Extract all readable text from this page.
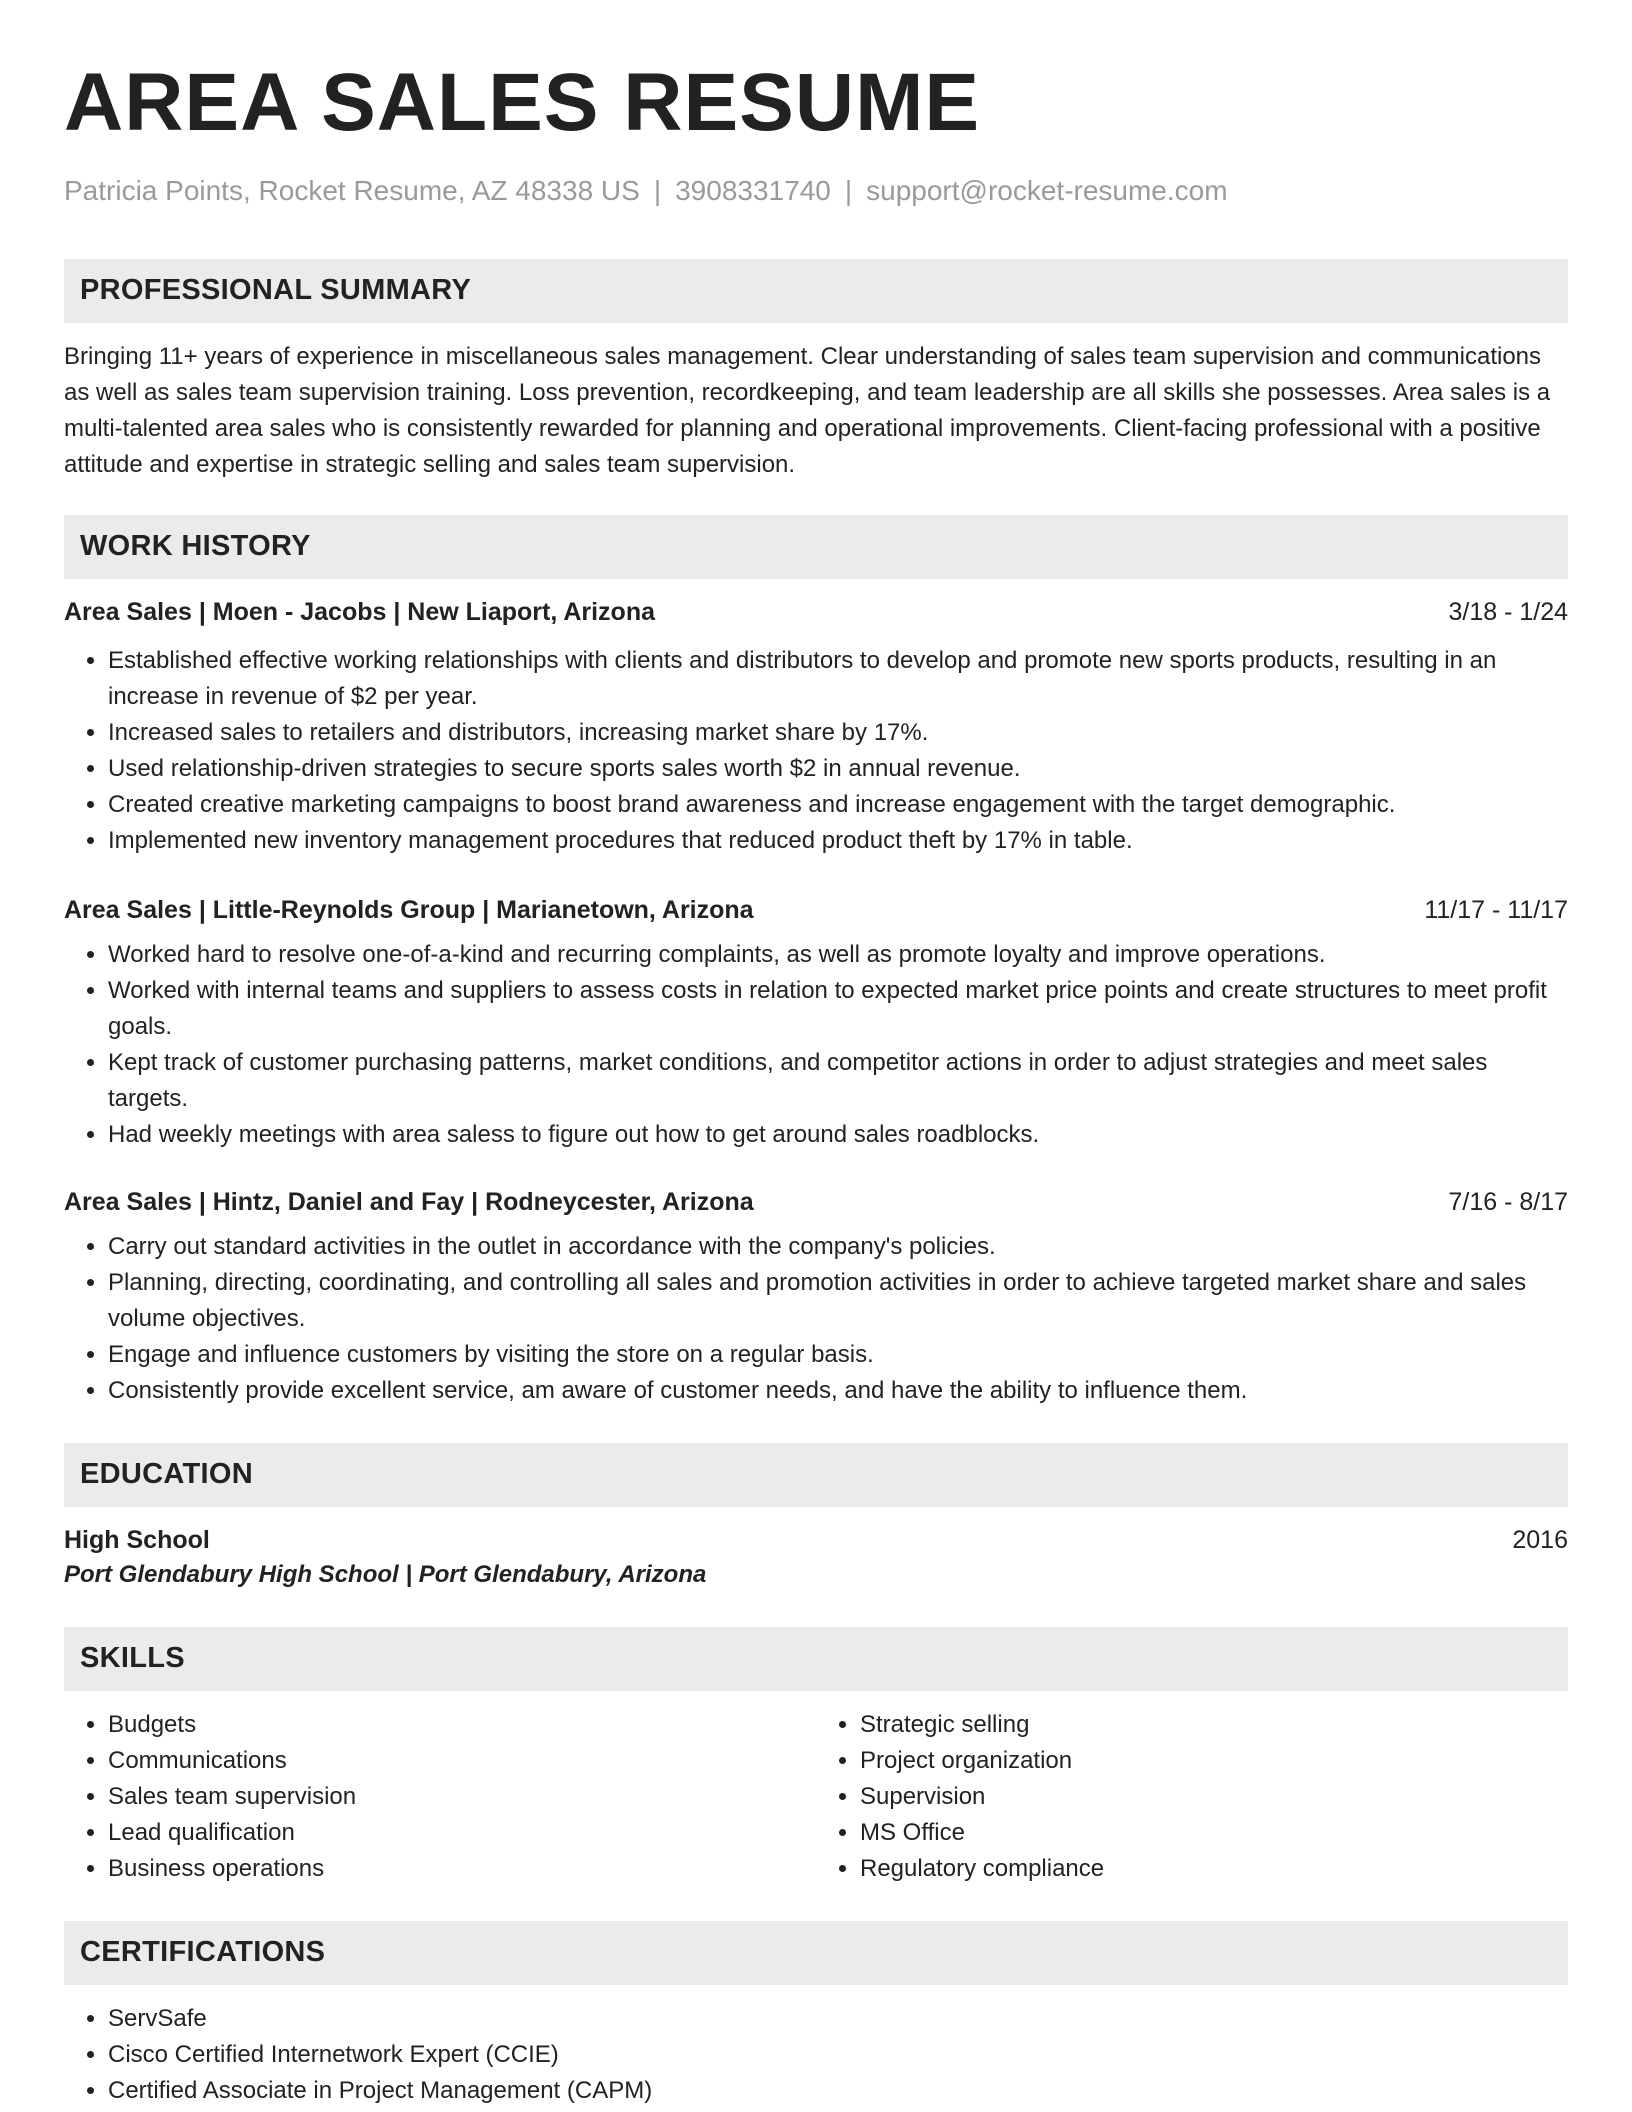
AREA SALES RESUME
Patricia Points, Rocket Resume, AZ 48338 US | 3908331740 | support@rocket-resume.com
PROFESSIONAL SUMMARY
Bringing 11+ years of experience in miscellaneous sales management. Clear understanding of sales team supervision and communications as well as sales team supervision training. Loss prevention, recordkeeping, and team leadership are all skills she possesses. Area sales is a multi-talented area sales who is consistently rewarded for planning and operational improvements. Client-facing professional with a positive attitude and expertise in strategic selling and sales team supervision.
WORK HISTORY
Area Sales | Moen - Jacobs | New Liaport, Arizona	3/18 - 1/24
• Established effective working relationships with clients and distributors to develop and promote new sports products, resulting in an increase in revenue of $2 per year.
• Increased sales to retailers and distributors, increasing market share by 17%.
• Used relationship-driven strategies to secure sports sales worth $2 in annual revenue.
• Created creative marketing campaigns to boost brand awareness and increase engagement with the target demographic.
• Implemented new inventory management procedures that reduced product theft by 17% in table.
Area Sales | Little-Reynolds Group | Marianetown, Arizona	11/17 - 11/17
• Worked hard to resolve one-of-a-kind and recurring complaints, as well as promote loyalty and improve operations.
• Worked with internal teams and suppliers to assess costs in relation to expected market price points and create structures to meet profit goals.
• Kept track of customer purchasing patterns, market conditions, and competitor actions in order to adjust strategies and meet sales targets.
• Had weekly meetings with area saless to figure out how to get around sales roadblocks.
Area Sales | Hintz, Daniel and Fay | Rodneycester, Arizona	7/16 - 8/17
• Carry out standard activities in the outlet in accordance with the company's policies.
• Planning, directing, coordinating, and controlling all sales and promotion activities in order to achieve targeted market share and sales volume objectives.
• Engage and influence customers by visiting the store on a regular basis.
• Consistently provide excellent service, am aware of customer needs, and have the ability to influence them.
EDUCATION
High School	2016
Port Glendabury High School | Port Glendabury, Arizona
SKILLS
• Budgets
• Communications
• Sales team supervision
• Lead qualification
• Business operations
• Strategic selling
• Project organization
• Supervision
• MS Office
• Regulatory compliance
CERTIFICATIONS
• ServSafe
• Cisco Certified Internetwork Expert (CCIE)
• Certified Associate in Project Management (CAPM)
